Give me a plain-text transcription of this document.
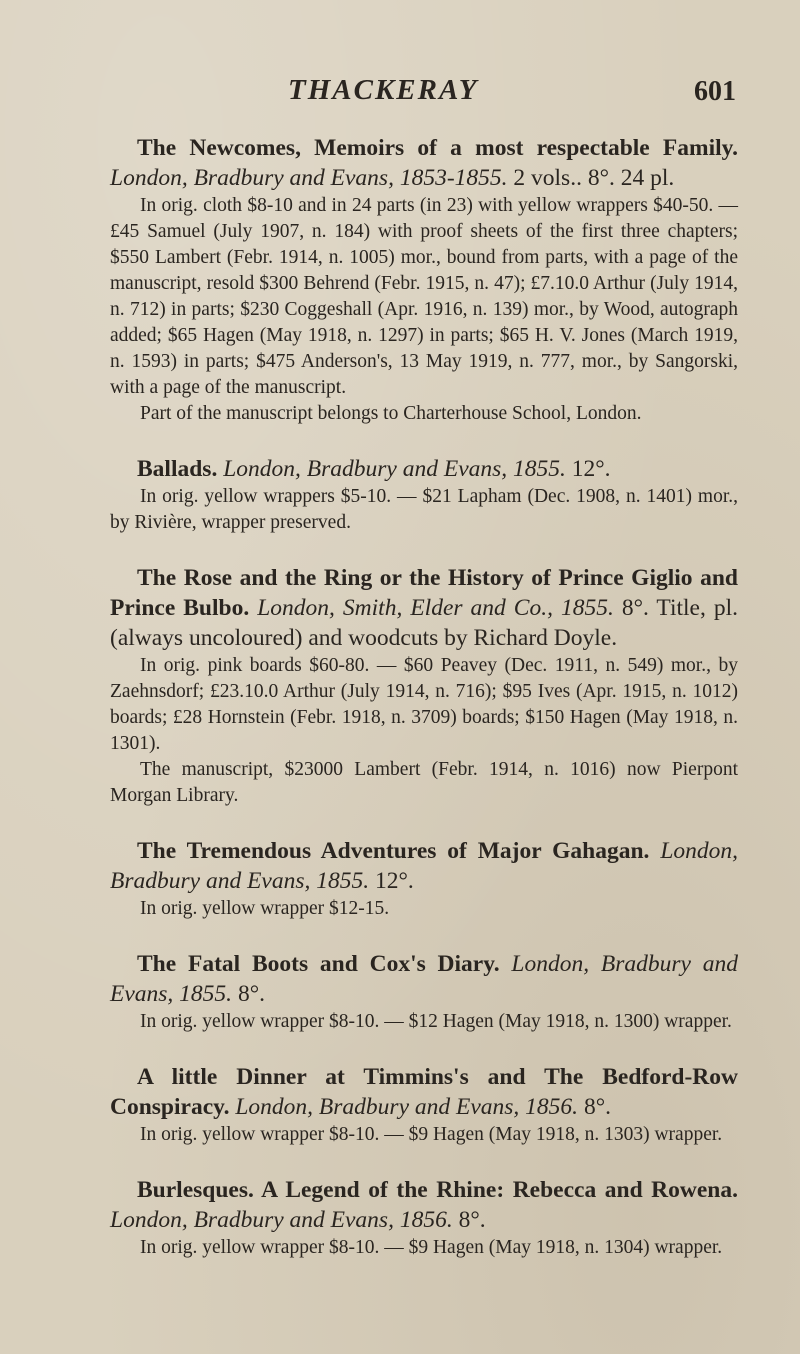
THACKERAY	601

The Newcomes, Memoirs of a most respectable Family. London, Bradbury and Evans, 1853-1855. 2 vols.. 8°. 24 pl.

In orig. cloth $8-10 and in 24 parts (in 23) with yellow wrappers $40-50. — £45 Samuel (July 1907, n. 184) with proof sheets of the first three chapters; $550 Lambert (Febr. 1914, n. 1005) mor., bound from parts, with a page of the manuscript, resold $300 Behrend (Febr. 1915, n. 47); £7.10.0 Arthur (July 1914, n. 712) in parts; $230 Coggeshall (Apr. 1916, n. 139) mor., by Wood, autograph added; $65 Hagen (May 1918, n. 1297) in parts; $65 H. V. Jones (March 1919, n. 1593) in parts; $475 Anderson's, 13 May 1919, n. 777, mor., by Sangorski, with a page of the manuscript.

Part of the manuscript belongs to Charterhouse School, London.

Ballads. London, Bradbury and Evans, 1855. 12°.

In orig. yellow wrappers $5-10. — $21 Lapham (Dec. 1908, n. 1401) mor., by Rivière, wrapper preserved.

The Rose and the Ring or the History of Prince Giglio and Prince Bulbo. London, Smith, Elder and Co., 1855. 8°. Title, pl. (always uncoloured) and woodcuts by Richard Doyle.

In orig. pink boards $60-80. — $60 Peavey (Dec. 1911, n. 549) mor., by Zaehnsdorf; £23.10.0 Arthur (July 1914, n. 716); $95 Ives (Apr. 1915, n. 1012) boards; £28 Hornstein (Febr. 1918, n. 3709) boards; $150 Hagen (May 1918, n. 1301).

The manuscript, $23000 Lambert (Febr. 1914, n. 1016) now Pierpont Morgan Library.

The Tremendous Adventures of Major Gahagan. London, Bradbury and Evans, 1855. 12°.

In orig. yellow wrapper $12-15.

The Fatal Boots and Cox's Diary. London, Bradbury and Evans, 1855. 8°.

In orig. yellow wrapper $8-10. — $12 Hagen (May 1918, n. 1300) wrapper.

A little Dinner at Timmins's and The Bedford-Row Conspiracy. London, Bradbury and Evans, 1856. 8°.

In orig. yellow wrapper $8-10. — $9 Hagen (May 1918, n. 1303) wrapper.

Burlesques. A Legend of the Rhine: Rebecca and Rowena. London, Bradbury and Evans, 1856. 8°.

In orig. yellow wrapper $8-10. — $9 Hagen (May 1918, n. 1304) wrapper.
